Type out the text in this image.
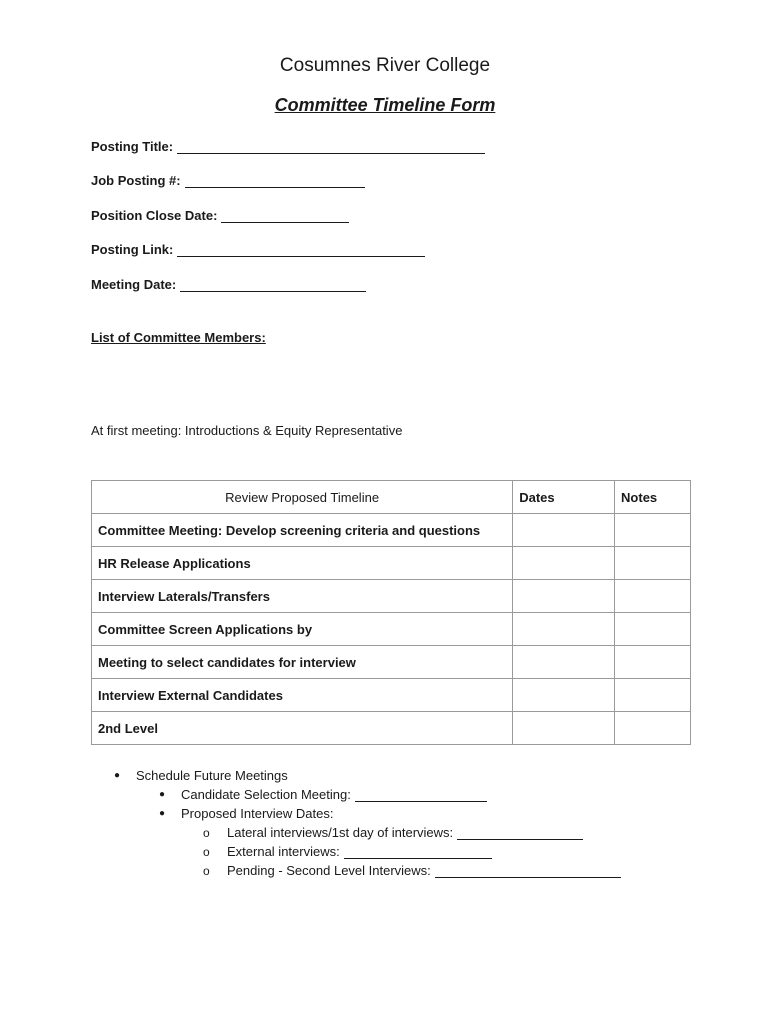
Cosumnes River College
Committee Timeline Form
Posting Title:
Job Posting #:
Position Close Date:
Posting Link:
Meeting Date:
List of Committee Members:
At first meeting: Introductions & Equity Representative
Review Proposed Timeline	Dates	Notes
Committee Meeting: Develop screening criteria and questions		
HR Release Applications		
Interview Laterals/Transfers		
Committee Screen Applications by		
Meeting to select candidates for interview		
Interview External Candidates		
2nd Level		
● Schedule Future Meetings
● Candidate Selection Meeting:
● Proposed Interview Dates:
o Lateral interviews/1st day of interviews:
o External interviews:
o Pending - Second Level Interviews:
